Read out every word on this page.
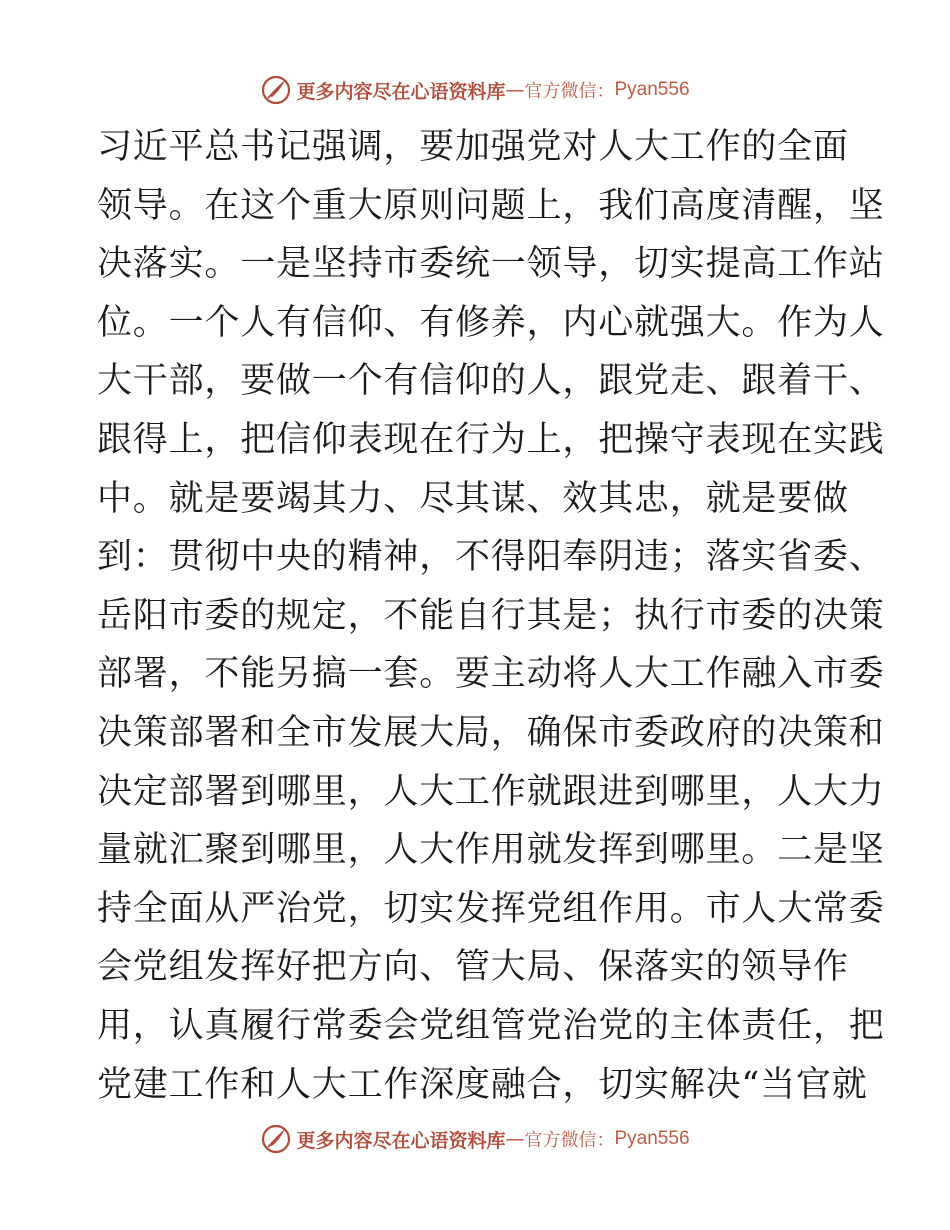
更多内容尽在心语资料库 — 官方微信： Pyan556
习近平总书记强调，要加强党对人大工作的全面
领导。在这个重大原则问题上，我们高度清醒，坚
决落实。一是坚持市委统一领导，切实提高工作站
位。一个人有信仰、有修养，内心就强大。作为人
大干部，要做一个有信仰的人，跟党走、跟着干、
跟得上，把信仰表现在行为上，把操守表现在实践
中。就是要竭其力、尽其谋、效其忠，就是要做
到：贯彻中央的精神，不得阳奉阴违；落实省委、
岳阳市委的规定，不能自行其是；执行市委的决策
部署，不能另搞一套。要主动将人大工作融入市委
决策部署和全市发展大局，确保市委政府的决策和
决定部署到哪里，人大工作就跟进到哪里，人大力
量就汇聚到哪里，人大作用就发挥到哪里。二是坚
持全面从严治党，切实发挥党组作用。市人大常委
会党组发挥好把方向、管大局、保落实的领导作
用，认真履行常委会党组管党治党的主体责任，把
党建工作和人大工作深度融合，切实解决“当官就
更多内容尽在心语资料库 — 官方微信： Pyan556
